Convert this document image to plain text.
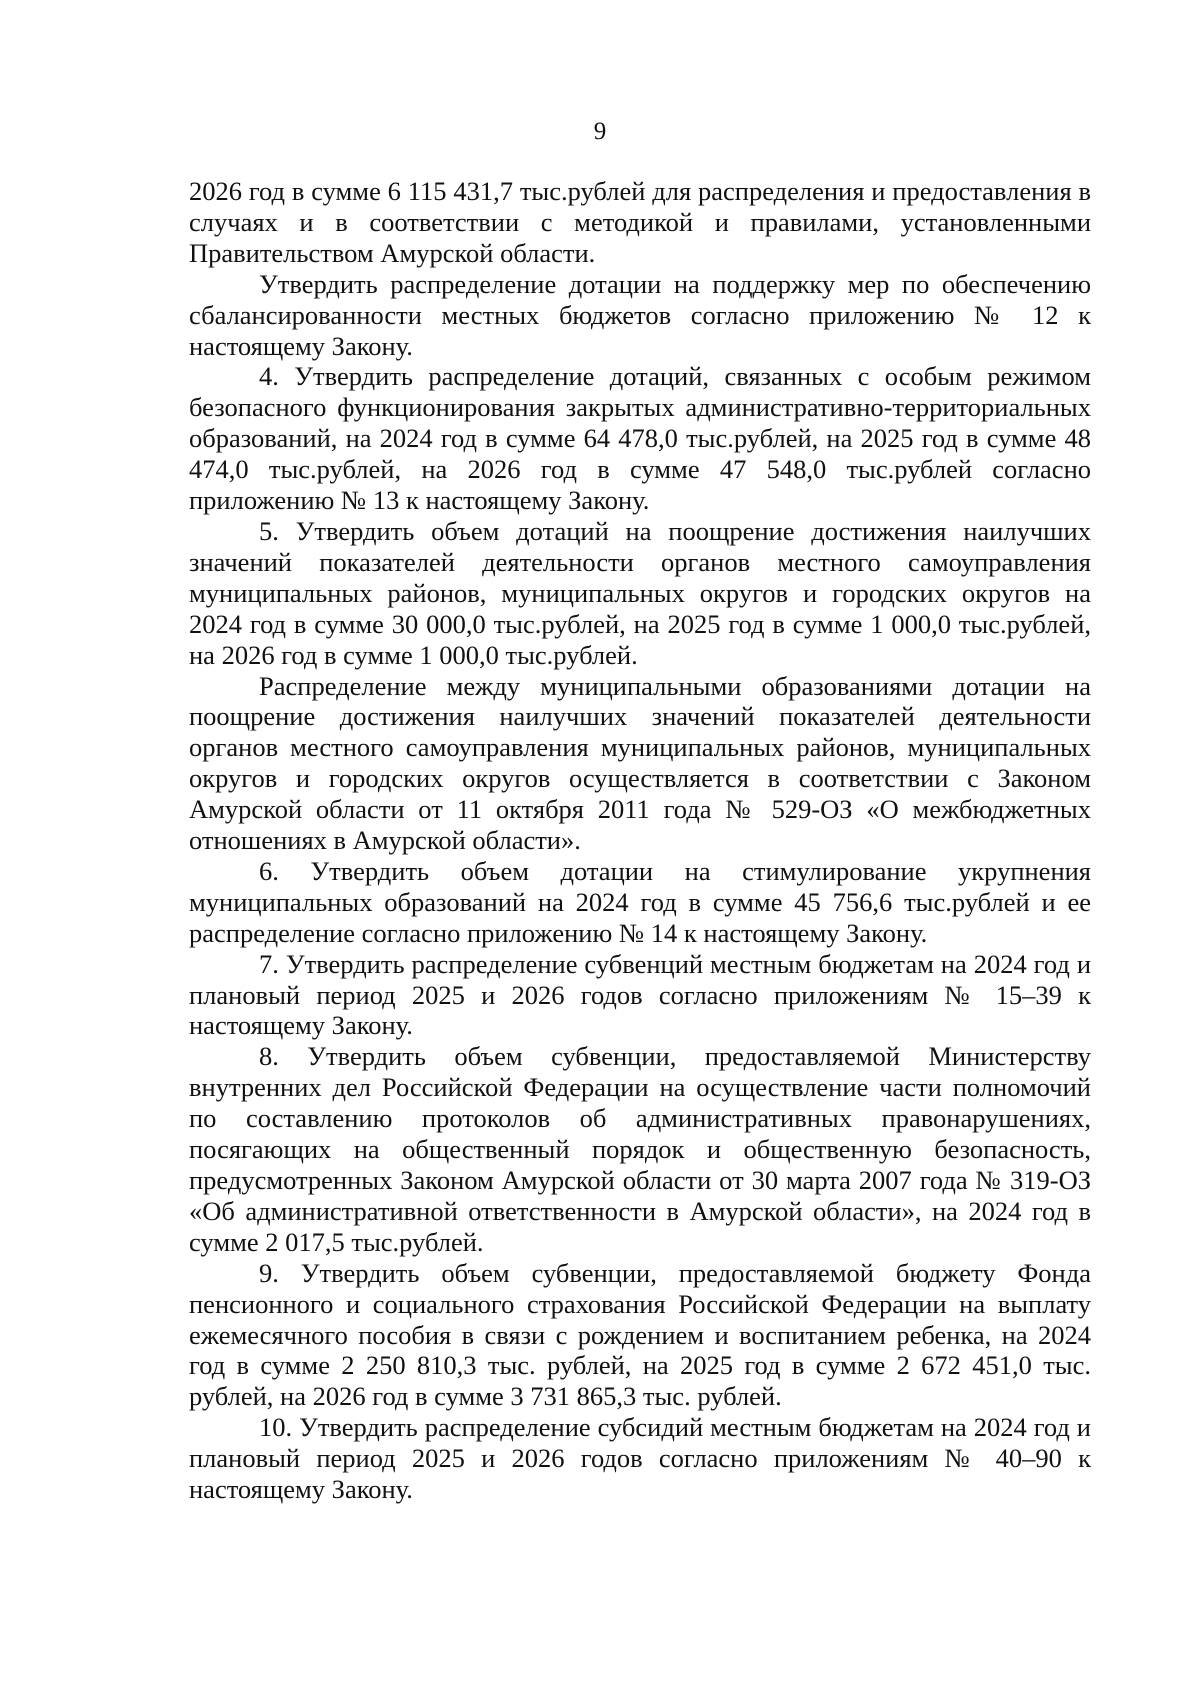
9

2026 год в сумме 6 115 431,7 тыс.рублей для распределения и предоставления в случаях и в соответствии с методикой и правилами, установленными Правительством Амурской области.

Утвердить распределение дотации на поддержку мер по обеспечению сбалансированности местных бюджетов согласно приложению № 12 к настоящему Закону.

4. Утвердить распределение дотаций, связанных с особым режимом безопасного функционирования закрытых административно-территориальных образований, на 2024 год в сумме 64 478,0 тыс.рублей, на 2025 год в сумме 48 474,0 тыс.рублей, на 2026 год в сумме 47 548,0 тыс.рублей согласно приложению № 13 к настоящему Закону.

5. Утвердить объем дотаций на поощрение достижения наилучших значений показателей деятельности органов местного самоуправления муниципальных районов, муниципальных округов и городских округов на 2024 год в сумме 30 000,0 тыс.рублей, на 2025 год в сумме 1 000,0 тыс.рублей, на 2026 год в сумме 1 000,0 тыс.рублей.

Распределение между муниципальными образованиями дотации на поощрение достижения наилучших значений показателей деятельности органов местного самоуправления муниципальных районов, муниципальных округов и городских округов осуществляется в соответствии с Законом Амурской области от 11 октября 2011 года № 529-ОЗ «О межбюджетных отношениях в Амурской области».

6. Утвердить объем дотации на стимулирование укрупнения муниципальных образований на 2024 год в сумме 45 756,6 тыс.рублей и ее распределение согласно приложению № 14 к настоящему Закону.

7. Утвердить распределение субвенций местным бюджетам на 2024 год и плановый период 2025 и 2026 годов согласно приложениям № 15–39 к настоящему Закону.

8. Утвердить объем субвенции, предоставляемой Министерству внутренних дел Российской Федерации на осуществление части полномочий по составлению протоколов об административных правонарушениях, посягающих на общественный порядок и общественную безопасность, предусмотренных Законом Амурской области от 30 марта 2007 года № 319-ОЗ «Об административной ответственности в Амурской области», на 2024 год в сумме 2 017,5 тыс.рублей.

9. Утвердить объем субвенции, предоставляемой бюджету Фонда пенсионного и социального страхования Российской Федерации на выплату ежемесячного пособия в связи с рождением и воспитанием ребенка, на 2024 год в сумме 2 250 810,3 тыс. рублей, на 2025 год в сумме 2 672 451,0 тыс. рублей, на 2026 год в сумме 3 731 865,3 тыс. рублей.

10. Утвердить распределение субсидий местным бюджетам на 2024 год и плановый период 2025 и 2026 годов согласно приложениям № 40–90 к настоящему Закону.
